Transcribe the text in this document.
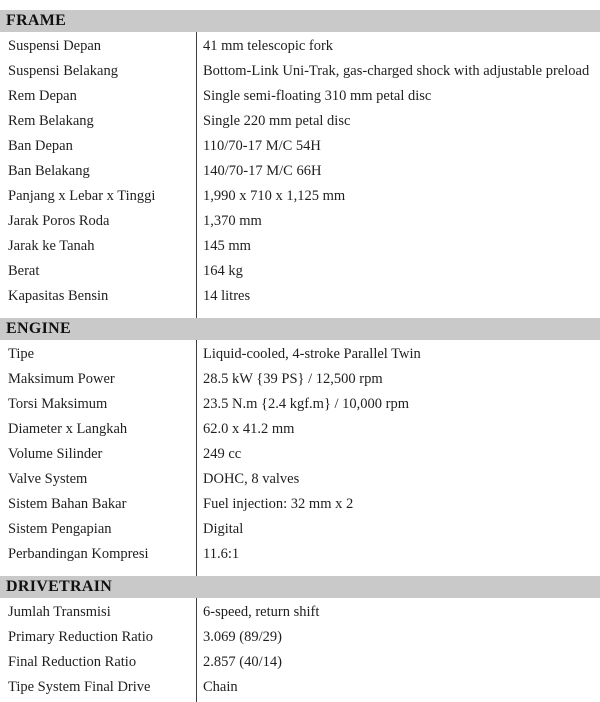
FRAME
Suspensi Depan	41 mm telescopic fork
Suspensi Belakang	Bottom-Link Uni-Trak, gas-charged shock with adjustable preload
Rem Depan	Single semi-floating 310 mm petal disc
Rem Belakang	Single 220 mm petal disc
Ban Depan	110/70-17 M/C 54H
Ban Belakang	140/70-17 M/C 66H
Panjang x Lebar x Tinggi	1,990 x 710 x 1,125 mm
Jarak Poros Roda	1,370 mm
Jarak ke Tanah	145 mm
Berat	164 kg
Kapasitas Bensin	14 litres
ENGINE
Tipe	Liquid-cooled, 4-stroke Parallel Twin
Maksimum Power	28.5 kW {39 PS} / 12,500 rpm
Torsi Maksimum	23.5 N.m {2.4 kgf.m} / 10,000 rpm
Diameter x Langkah	62.0 x 41.2 mm
Volume Silinder	249 cc
Valve System	DOHC, 8 valves
Sistem Bahan Bakar	Fuel injection: 32 mm x 2
Sistem Pengapian	Digital
Perbandingan Kompresi	11.6:1
DRIVETRAIN
Jumlah Transmisi	6-speed, return shift
Primary Reduction Ratio	3.069 (89/29)
Final Reduction Ratio	2.857 (40/14)
Tipe System Final Drive	Chain
